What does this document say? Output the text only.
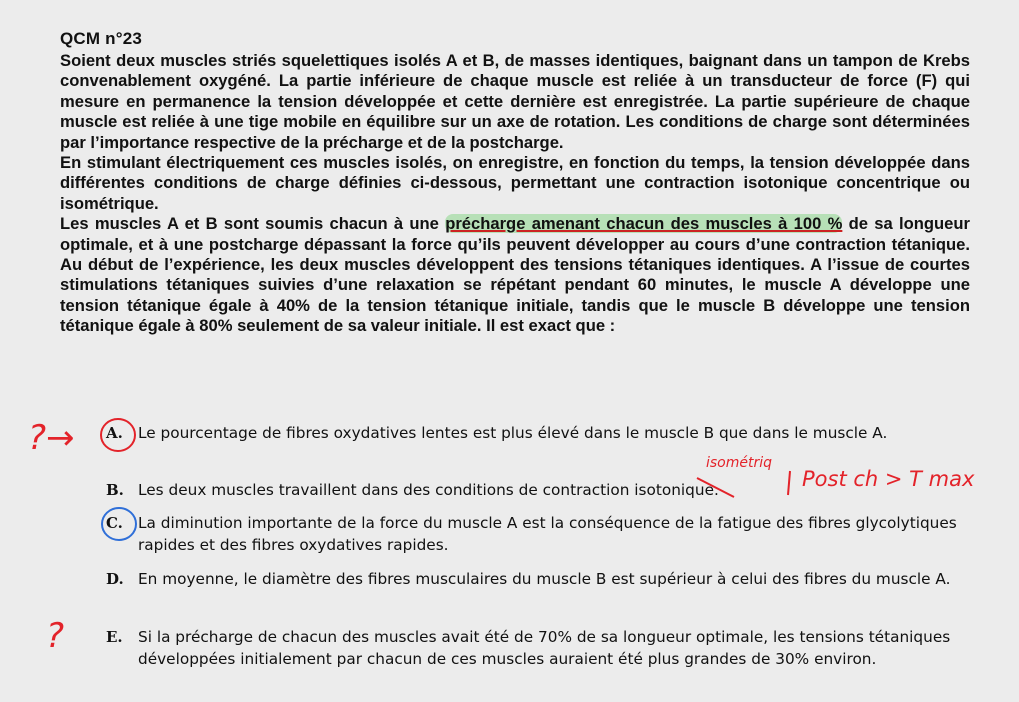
QCM n°23

Soient deux muscles striés squelettiques isolés A et B, de masses identiques, baignant dans un tampon de Krebs convenablement oxygéné. La partie inférieure de chaque muscle est reliée à un transducteur de force (F) qui mesure en permanence la tension développée et cette dernière est enregistrée. La partie supérieure de chaque muscle est reliée à une tige mobile en équilibre sur un axe de rotation. Les conditions de charge sont déterminées par l’importance respective de la précharge et de la postcharge.

En stimulant électriquement ces muscles isolés, on enregistre, en fonction du temps, la tension développée dans différentes conditions de charge définies ci-dessous, permettant une contraction isotonique concentrique ou isométrique.

Les muscles A et B sont soumis chacun à une précharge amenant chacun des muscles à 100 % de sa longueur optimale, et à une postcharge dépassant la force qu’ils peuvent développer au cours d’une contraction tétanique. Au début de l’expérience, les deux muscles développent des tensions tétaniques identiques. A l’issue de courtes stimulations tétaniques suivies d’une relaxation se répétant pendant 60 minutes, le muscle A développe une tension tétanique égale à 40% de la tension tétanique initiale, tandis que le muscle B développe une tension tétanique égale à 80% seulement de sa valeur initiale. Il est exact que :

A. Le pourcentage de fibres oxydatives lentes est plus élevé dans le muscle B que dans le muscle A.
B. Les deux muscles travaillent dans des conditions de contraction isotonique.
C. La diminution importante de la force du muscle A est la conséquence de la fatigue des fibres glycolytiques rapides et des fibres oxydatives rapides.
D. En moyenne, le diamètre des fibres musculaires du muscle B est supérieur à celui des fibres du muscle A.
E. Si la précharge de chacun des muscles avait été de 70% de sa longueur optimale, les tensions tétaniques développées initialement par chacun de ces muscles auraient été plus grandes de 30% environ.
?→
isométriq
Post ch > T max
?
